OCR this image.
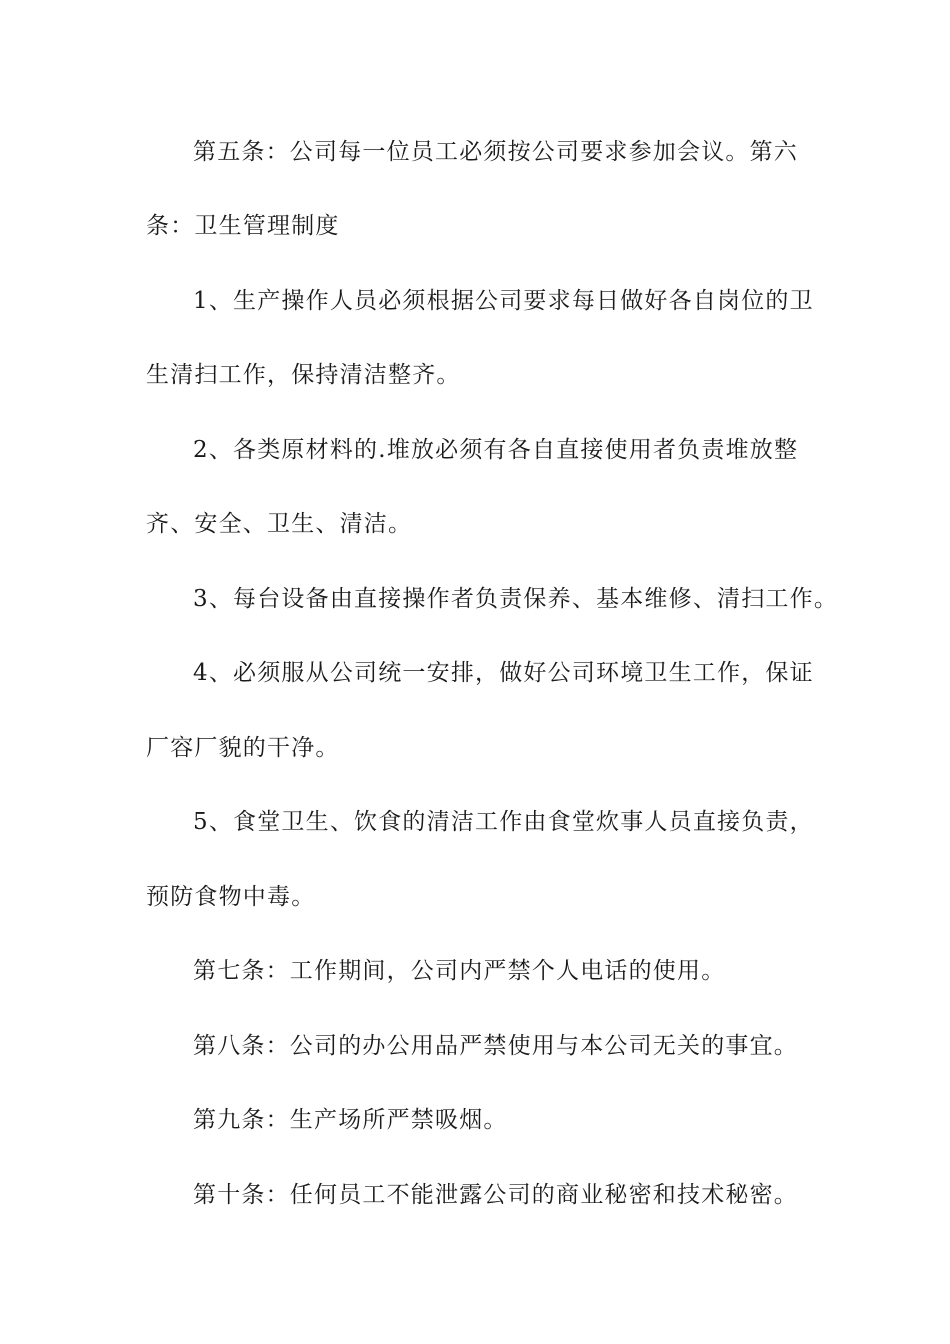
第五条：公司每一位员工必须按公司要求参加会议。第六
条：卫生管理制度
1、生产操作人员必须根据公司要求每日做好各自岗位的卫
生清扫工作，保持清洁整齐。
2、各类原材料的.堆放必须有各自直接使用者负责堆放整
齐、安全、卫生、清洁。
3、每台设备由直接操作者负责保养、基本维修、清扫工作。
4、必须服从公司统一安排，做好公司环境卫生工作，保证
厂容厂貌的干净。
5、食堂卫生、饮食的清洁工作由食堂炊事人员直接负责，
预防食物中毒。
第七条：工作期间，公司内严禁个人电话的使用。
第八条：公司的办公用品严禁使用与本公司无关的事宜。
第九条：生产场所严禁吸烟。
第十条：任何员工不能泄露公司的商业秘密和技术秘密。
